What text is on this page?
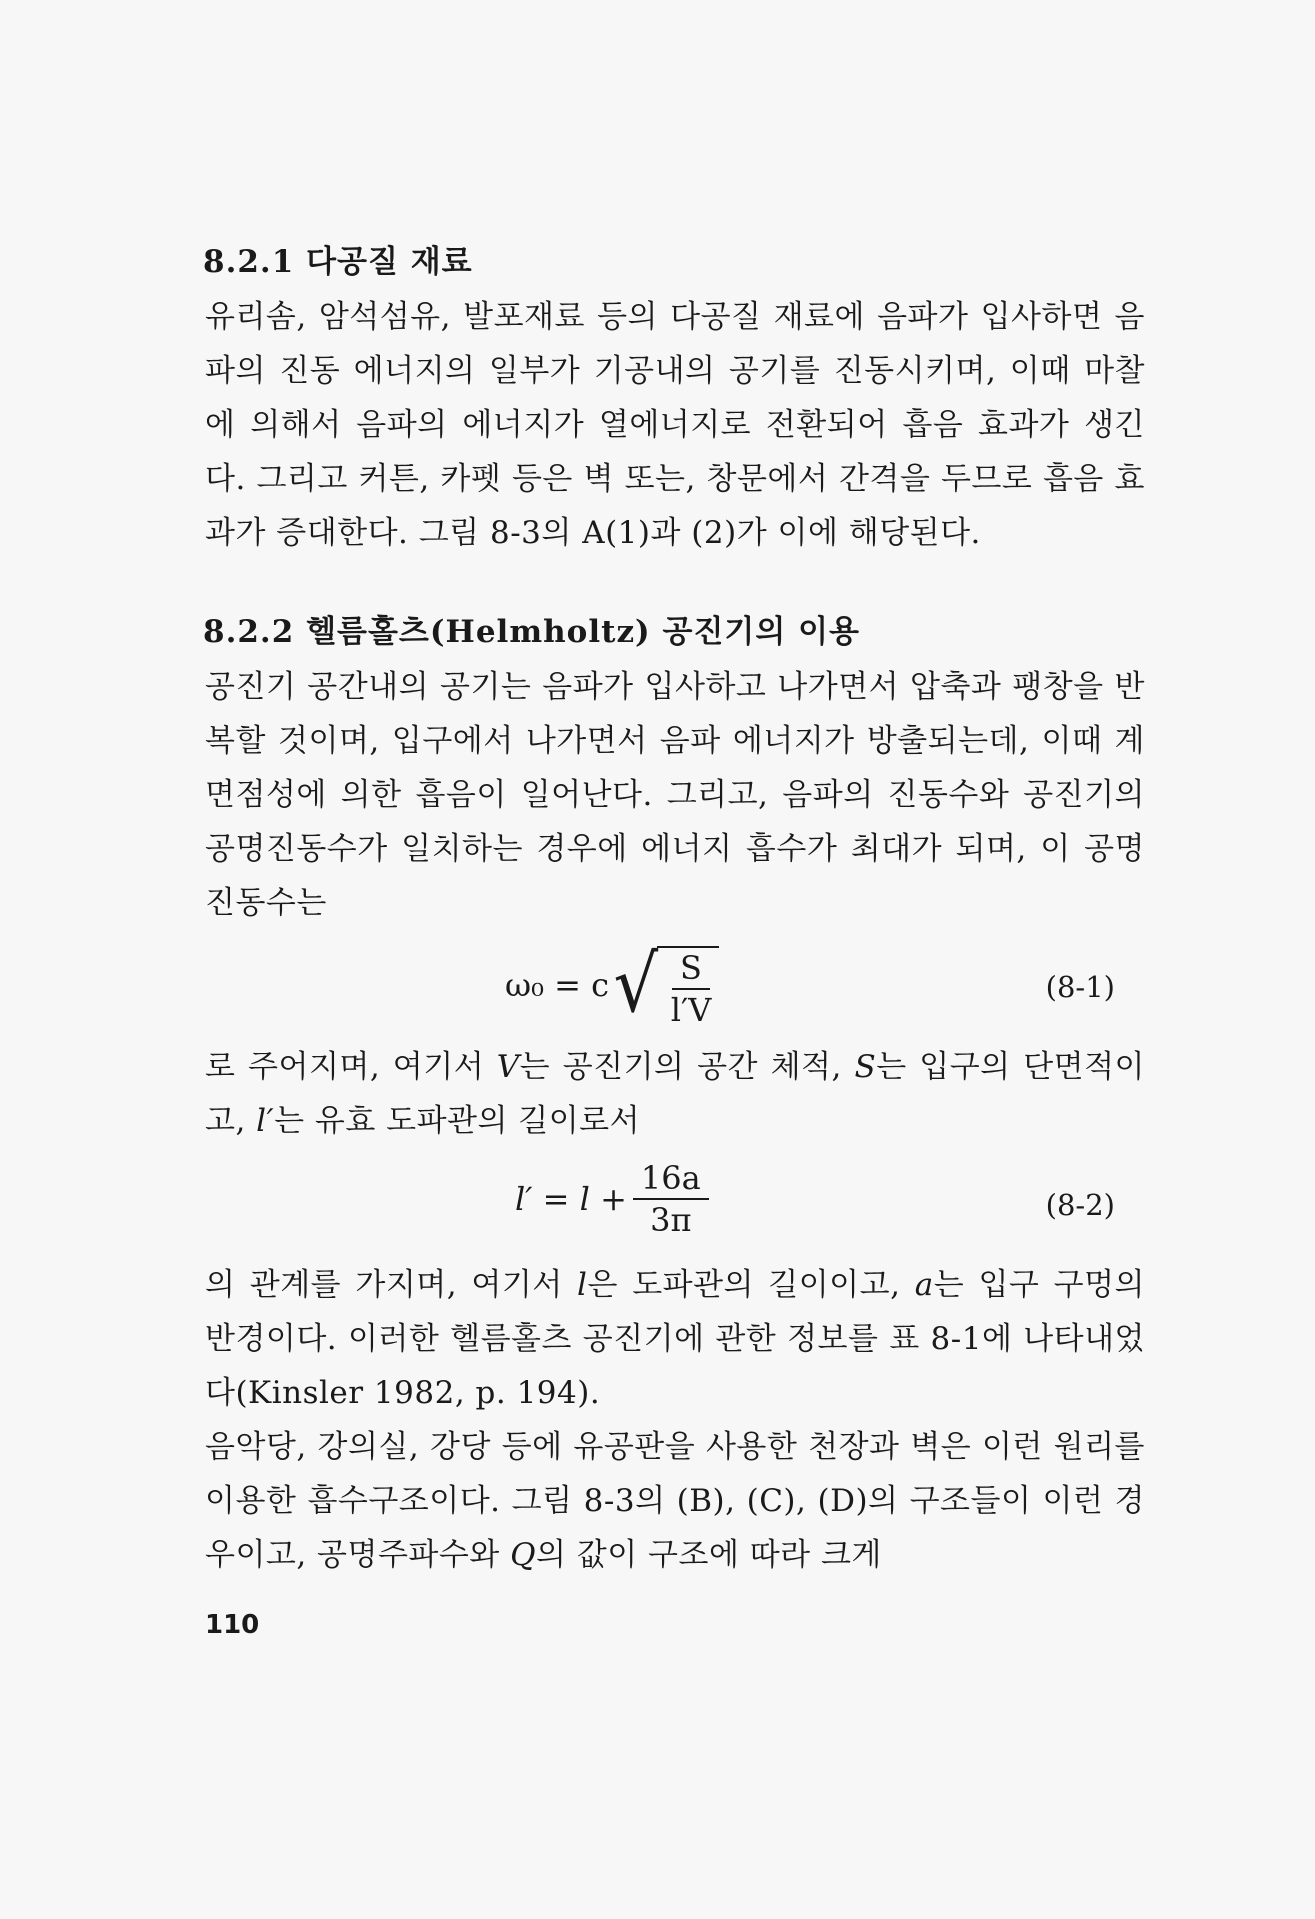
8.2.1 다공질 재료

유리솜, 암석섬유, 발포재료 등의 다공질 재료에 음파가 입사하면 음파의 진동 에너지의 일부가 기공내의 공기를 진동시키며, 이때 마찰에 의해서 음파의 에너지가 열에너지로 전환되어 흡음 효과가 생긴다. 그리고 커튼, 카펫 등은 벽 또는, 창문에서 간격을 두므로 흡음 효과가 증대한다. 그림 8-3의 A(1)과 (2)가 이에 해당된다.

8.2.2 헬름홀츠(Helmholtz) 공진기의 이용

공진기 공간내의 공기는 음파가 입사하고 나가면서 압축과 팽창을 반복할 것이며, 입구에서 나가면서 음파 에너지가 방출되는데, 이때 계면점성에 의한 흡음이 일어난다. 그리고, 음파의 진동수와 공진기의 공명진동수가 일치하는 경우에 에너지 흡수가 최대가 되며, 이 공명진동수는

ω₀ = c √ $\frac{S}{l'V}$	(8-1)

로 주어지며, 여기서 V는 공진기의 공간 체적, S는 입구의 단면적이고, l′는 유효 도파관의 길이로서

$l' = l + \frac{16a}{3\pi}$	(8-2)

의 관계를 가지며, 여기서 l은 도파관의 길이이고, a는 입구 구멍의 반경이다. 이러한 헬름홀츠 공진기에 관한 정보를 표 8-1에 나타내었다(Kinsler 1982, p. 194).

음악당, 강의실, 강당 등에 유공판을 사용한 천장과 벽은 이런 원리를 이용한 흡수구조이다. 그림 8-3의 (B), (C), (D)의 구조들이 이런 경우이고, 공명주파수와 Q의 값이 구조에 따라 크게

110
